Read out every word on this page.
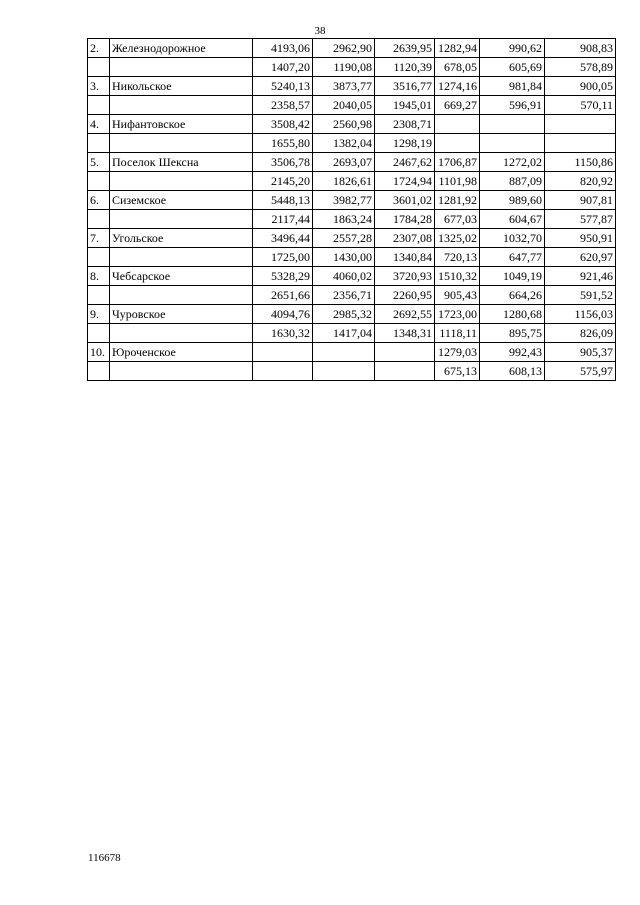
38
2.	Железнодорожное	4193,06	2962,90	2639,95	1282,94	990,62	908,83
		1407,20	1190,08	1120,39	678,05	605,69	578,89
3.	Никольское	5240,13	3873,77	3516,77	1274,16	981,84	900,05
		2358,57	2040,05	1945,01	669,27	596,91	570,11
4.	Нифантовское	3508,42	2560,98	2308,71			
		1655,80	1382,04	1298,19			
5.	Поселок Шексна	3506,78	2693,07	2467,62	1706,87	1272,02	1150,86
		2145,20	1826,61	1724,94	1101,98	887,09	820,92
6.	Сиземское	5448,13	3982,77	3601,02	1281,92	989,60	907,81
		2117,44	1863,24	1784,28	677,03	604,67	577,87
7.	Угольское	3496,44	2557,28	2307,08	1325,02	1032,70	950,91
		1725,00	1430,00	1340,84	720,13	647,77	620,97
8.	Чебсарское	5328,29	4060,02	3720,93	1510,32	1049,19	921,46
		2651,66	2356,71	2260,95	905,43	664,26	591,52
9.	Чуровское	4094,76	2985,32	2692,55	1723,00	1280,68	1156,03
		1630,32	1417,04	1348,31	1118,11	895,75	826,09
10.	Юроченское				1279,03	992,43	905,37
					675,13	608,13	575,97
116678
